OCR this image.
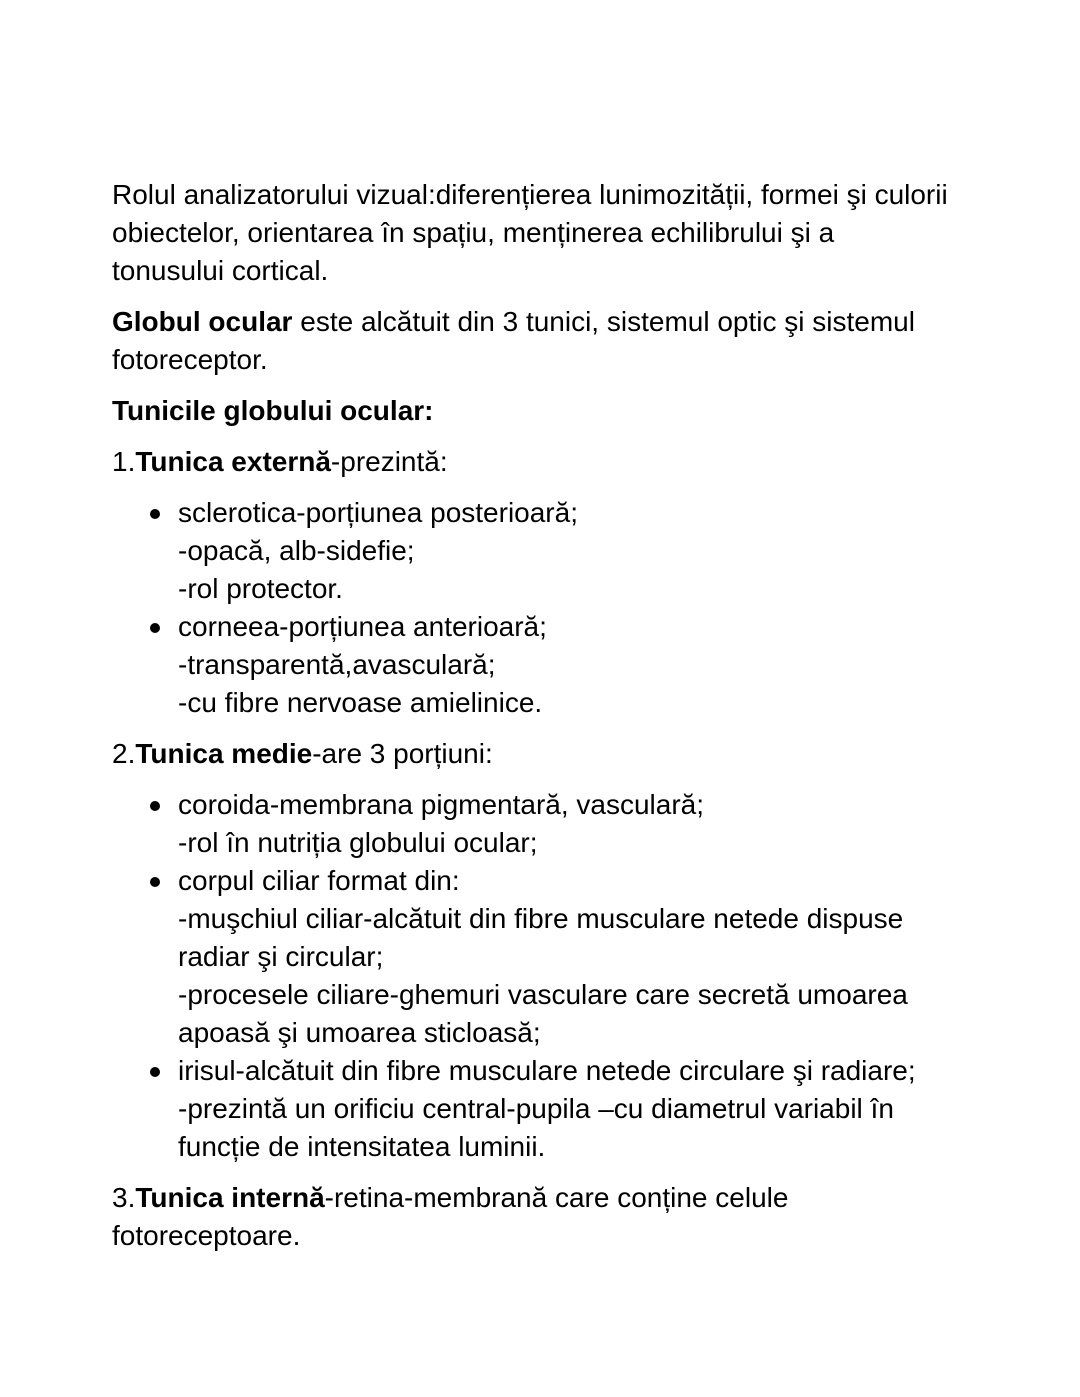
Rolul analizatorului vizual:diferențierea lunimozității, formei şi culorii
obiectelor, orientarea în spațiu, menținerea echilibrului şi a
tonusului cortical.

Globul ocular este alcătuit din 3 tunici, sistemul optic şi sistemul
fotoreceptor.

Tunicile globului ocular:

1.Tunica externă-prezintă:

sclerotica-porțiunea posterioară;
-opacă, alb-sidefie;
-rol protector.
corneea-porțiunea anterioară;
-transparentă,avasculară;
-cu fibre nervoase amielinice.

2.Tunica medie-are 3 porțiuni:

coroida-membrana pigmentară, vasculară;
-rol în nutriția globului ocular;
corpul ciliar format din:
-muşchiul ciliar-alcătuit din fibre musculare netede dispuse
radiar şi circular;
-procesele ciliare-ghemuri vasculare care secretă umoarea
apoasă şi umoarea sticloasă;
irisul-alcătuit din fibre musculare netede circulare şi radiare;
-prezintă un orificiu central-pupila –cu diametrul variabil în
funcție de intensitatea luminii.

3.Tunica internă-retina-membrană care conține celule
fotoreceptoare.
